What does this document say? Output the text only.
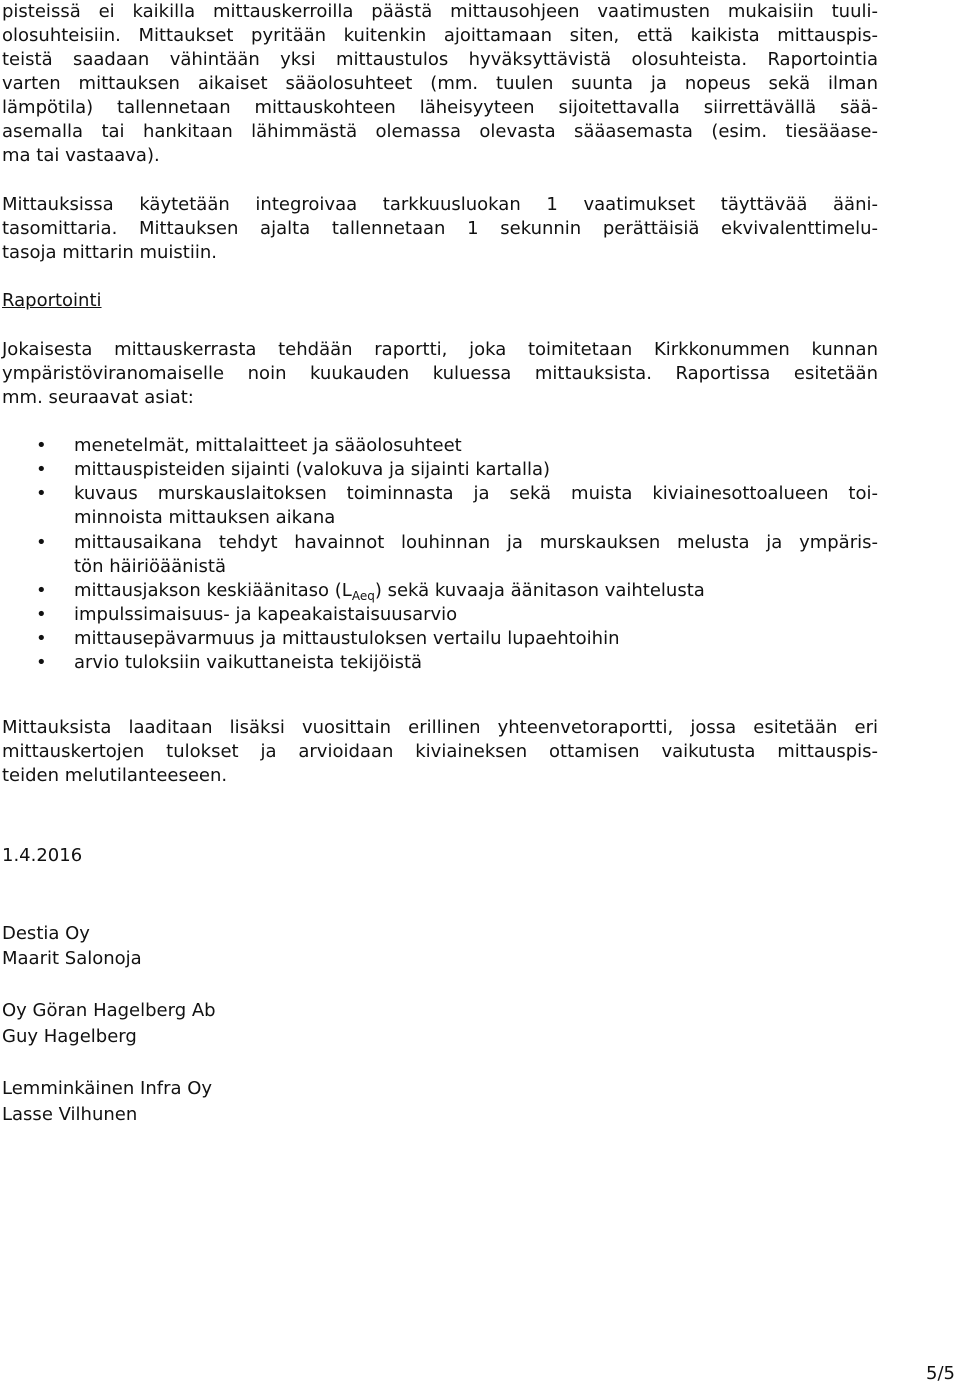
pisteissä ei kaikilla mittauskerroilla päästä mittausohjeen vaatimusten mukaisiin tuuli-
olosuhteisiin. Mittaukset pyritään kuitenkin ajoittamaan siten, että kaikista mittauspis-
teistä saadaan vähintään yksi mittaustulos hyväksyttävistä olosuhteista. Raportointia
varten mittauksen aikaiset sääolosuhteet (mm. tuulen suunta ja nopeus sekä ilman
lämpötila) tallennetaan mittauskohteen läheisyyteen sijoitettavalla siirrettävällä sää-
asemalla tai hankitaan lähimmästä olemassa olevasta sääasemasta (esim. tiesääase-
ma tai vastaava).
Mittauksissa käytetään integroivaa tarkkuusluokan 1 vaatimukset täyttävää ääni-
tasomittaria. Mittauksen ajalta tallennetaan 1 sekunnin perättäisiä ekvivalenttimelu-
tasoja mittarin muistiin.
Raportointi
Jokaisesta mittauskerrasta tehdään raportti, joka toimitetaan Kirkkonummen kunnan
ympäristöviranomaiselle noin kuukauden kuluessa mittauksista. Raportissa esitetään
mm. seuraavat asiat:
• menetelmät, mittalaitteet ja sääolosuhteet
• mittauspisteiden sijainti (valokuva ja sijainti kartalla)
• kuvaus murskauslaitoksen toiminnasta ja sekä muista kiviainesottoalueen toi-
minnoista mittauksen aikana
• mittausaikana tehdyt havainnot louhinnan ja murskauksen melusta ja ympäris-
tön häiriöäänistä
• mittausjakson keskiäänitaso $(L_{Aeq})$ sekä kuvaaja äänitason vaihtelusta
• impulssimaisuus- ja kapeakaistaisuusarvio
• mittausepävarmuus ja mittaustuloksen vertailu lupaehtoihin
• arvio tuloksiin vaikuttaneista tekijöistä
Mittauksista laaditaan lisäksi vuosittain erillinen yhteenvetoraportti, jossa esitetään eri
mittauskertojen tulokset ja arvioidaan kiviaineksen ottamisen vaikutusta mittauspis-
teiden melutilanteeseen.
1.4.2016
Destia Oy
Maarit Salonoja
Oy Göran Hagelberg Ab
Guy Hagelberg
Lemminkäinen Infra Oy
Lasse Vilhunen
5/5
